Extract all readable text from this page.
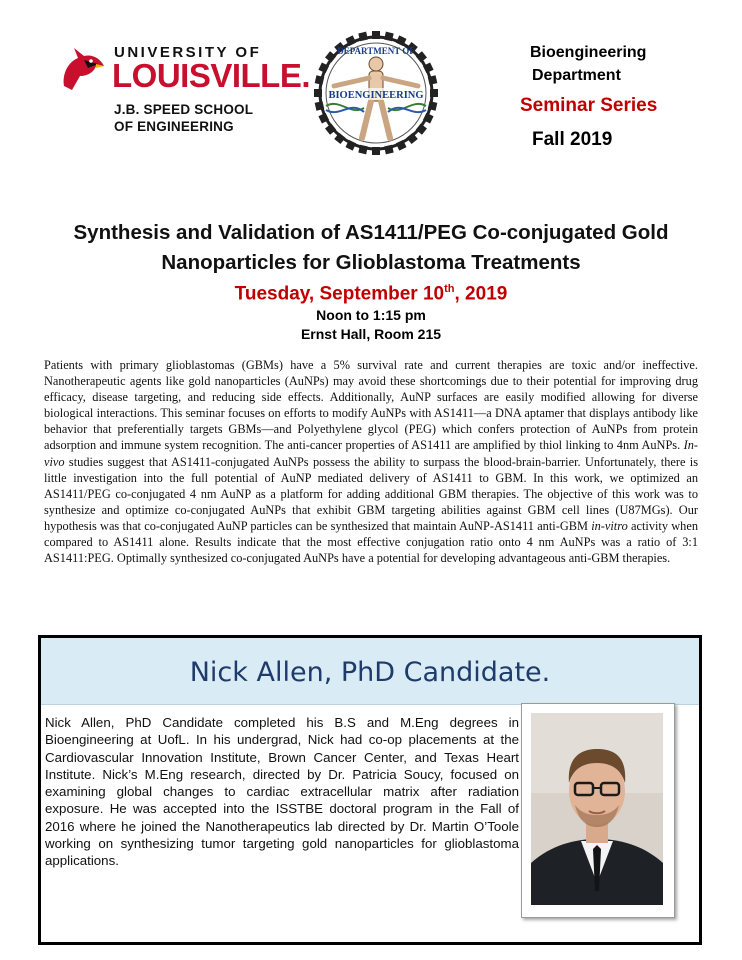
UNIVERSITY OF
LOUISVILLE.
J.B. SPEED SCHOOL
OF ENGINEERING
DEPARTMENT OF
BIOENGINEERING
Bioengineering
Department
Seminar Series
Fall 2019
Synthesis and Validation of AS1411/PEG Co-conjugated Gold
Nanoparticles for Glioblastoma Treatments
Tuesday, September 10th, 2019
Noon to 1:15 pm
Ernst Hall, Room 215
Patients with primary glioblastomas (GBMs) have a 5% survival rate and current therapies are toxic and/or ineffective. Nanotherapeutic agents like gold nanoparticles (AuNPs) may avoid these shortcomings due to their potential for improving drug efficacy, disease targeting, and reducing side effects. Additionally, AuNP surfaces are easily modified allowing for diverse biological interactions. This seminar focuses on efforts to modify AuNPs with AS1411—a DNA aptamer that displays antibody like behavior that preferentially targets GBMs—and Polyethylene glycol (PEG) which confers protection of AuNPs from protein adsorption and immune system recognition. The anti-cancer properties of AS1411 are amplified by thiol linking to 4nm AuNPs. In-vivo studies suggest that AS1411-conjugated AuNPs possess the ability to surpass the blood-brain-barrier. Unfortunately, there is little investigation into the full potential of AuNP mediated delivery of AS1411 to GBM. In this work, we optimized an AS1411/PEG co-conjugated 4 nm AuNP as a platform for adding additional GBM therapies. The objective of this work was to synthesize and optimize co-conjugated AuNPs that exhibit GBM targeting abilities against GBM cell lines (U87MGs). Our hypothesis was that co-conjugated AuNP particles can be synthesized that maintain AuNP-AS1411 anti-GBM in-vitro activity when compared to AS1411 alone. Results indicate that the most effective conjugation ratio onto 4 nm AuNPs was a ratio of 3:1 AS1411:PEG. Optimally synthesized co-conjugated AuNPs have a potential for developing advantageous anti-GBM therapies.
Nick Allen, PhD Candidate.
Nick Allen, PhD Candidate completed his B.S and M.Eng degrees in Bioengineering at UofL. In his undergrad, Nick had co-op placements at the Cardiovascular Innovation Institute, Brown Cancer Center, and Texas Heart Institute. Nick’s M.Eng research, directed by Dr. Patricia Soucy, focused on examining global changes to cardiac extracellular matrix after radiation exposure. He was accepted into the ISSTBE doctoral program in the Fall of 2016 where he joined the Nanotherapeutics lab directed by Dr. Martin O’Toole working on synthesizing tumor targeting gold nanoparticles for glioblastoma applications.
